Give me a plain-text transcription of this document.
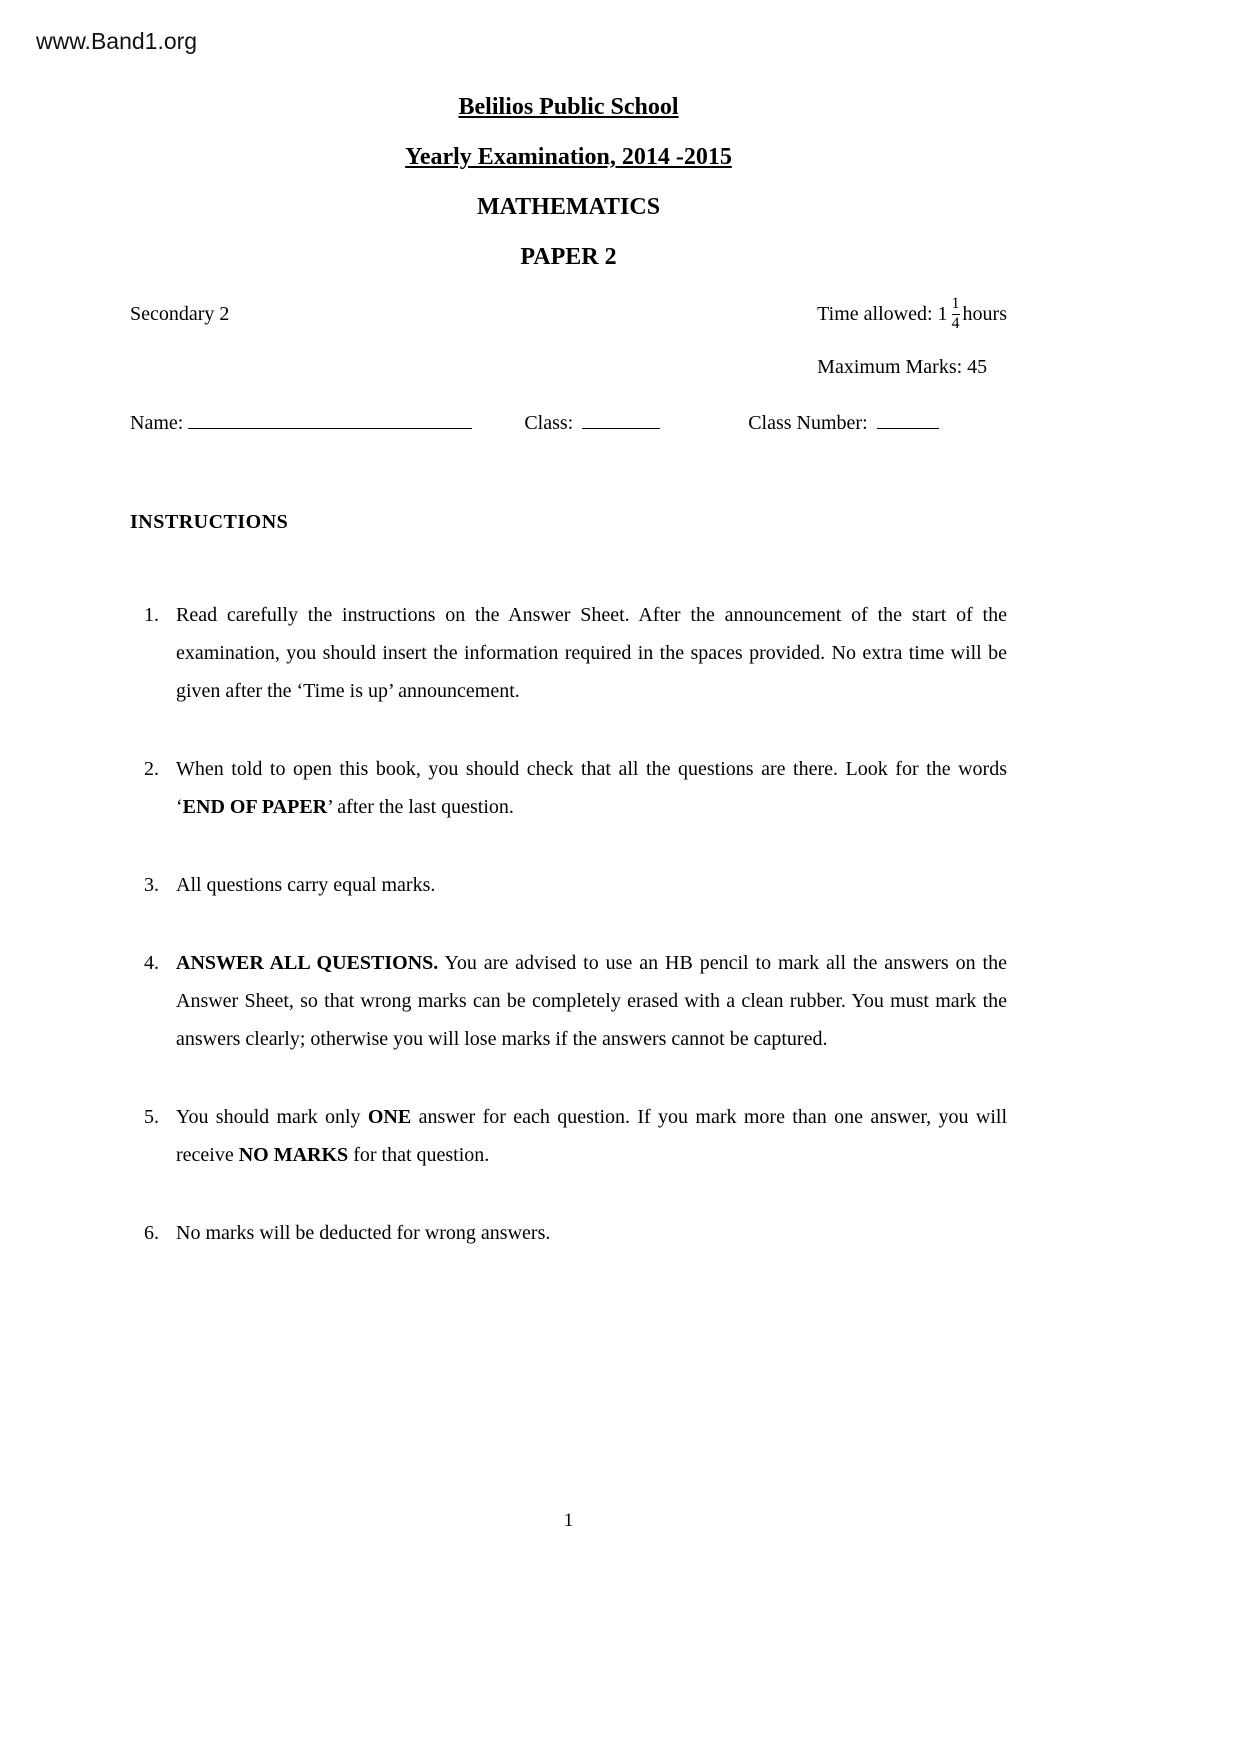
www.Band1.org
Belilios Public School
Yearly Examination, 2014 -2015
MATHEMATICS
PAPER 2
Secondary 2	Time allowed: $1 \frac{1}{4}$ hours
Maximum Marks: 45
Name:	Class:	Class Number:
INSTRUCTIONS
1. Read carefully the instructions on the Answer Sheet. After the announcement of the start of the examination, you should insert the information required in the spaces provided. No extra time will be given after the ‘Time is up’ announcement.
2. When told to open this book, you should check that all the questions are there. Look for the words ‘END OF PAPER’ after the last question.
3. All questions carry equal marks.
4. ANSWER ALL QUESTIONS. You are advised to use an HB pencil to mark all the answers on the Answer Sheet, so that wrong marks can be completely erased with a clean rubber. You must mark the answers clearly; otherwise you will lose marks if the answers cannot be captured.
5. You should mark only ONE answer for each question. If you mark more than one answer, you will receive NO MARKS for that question.
6. No marks will be deducted for wrong answers.
1
